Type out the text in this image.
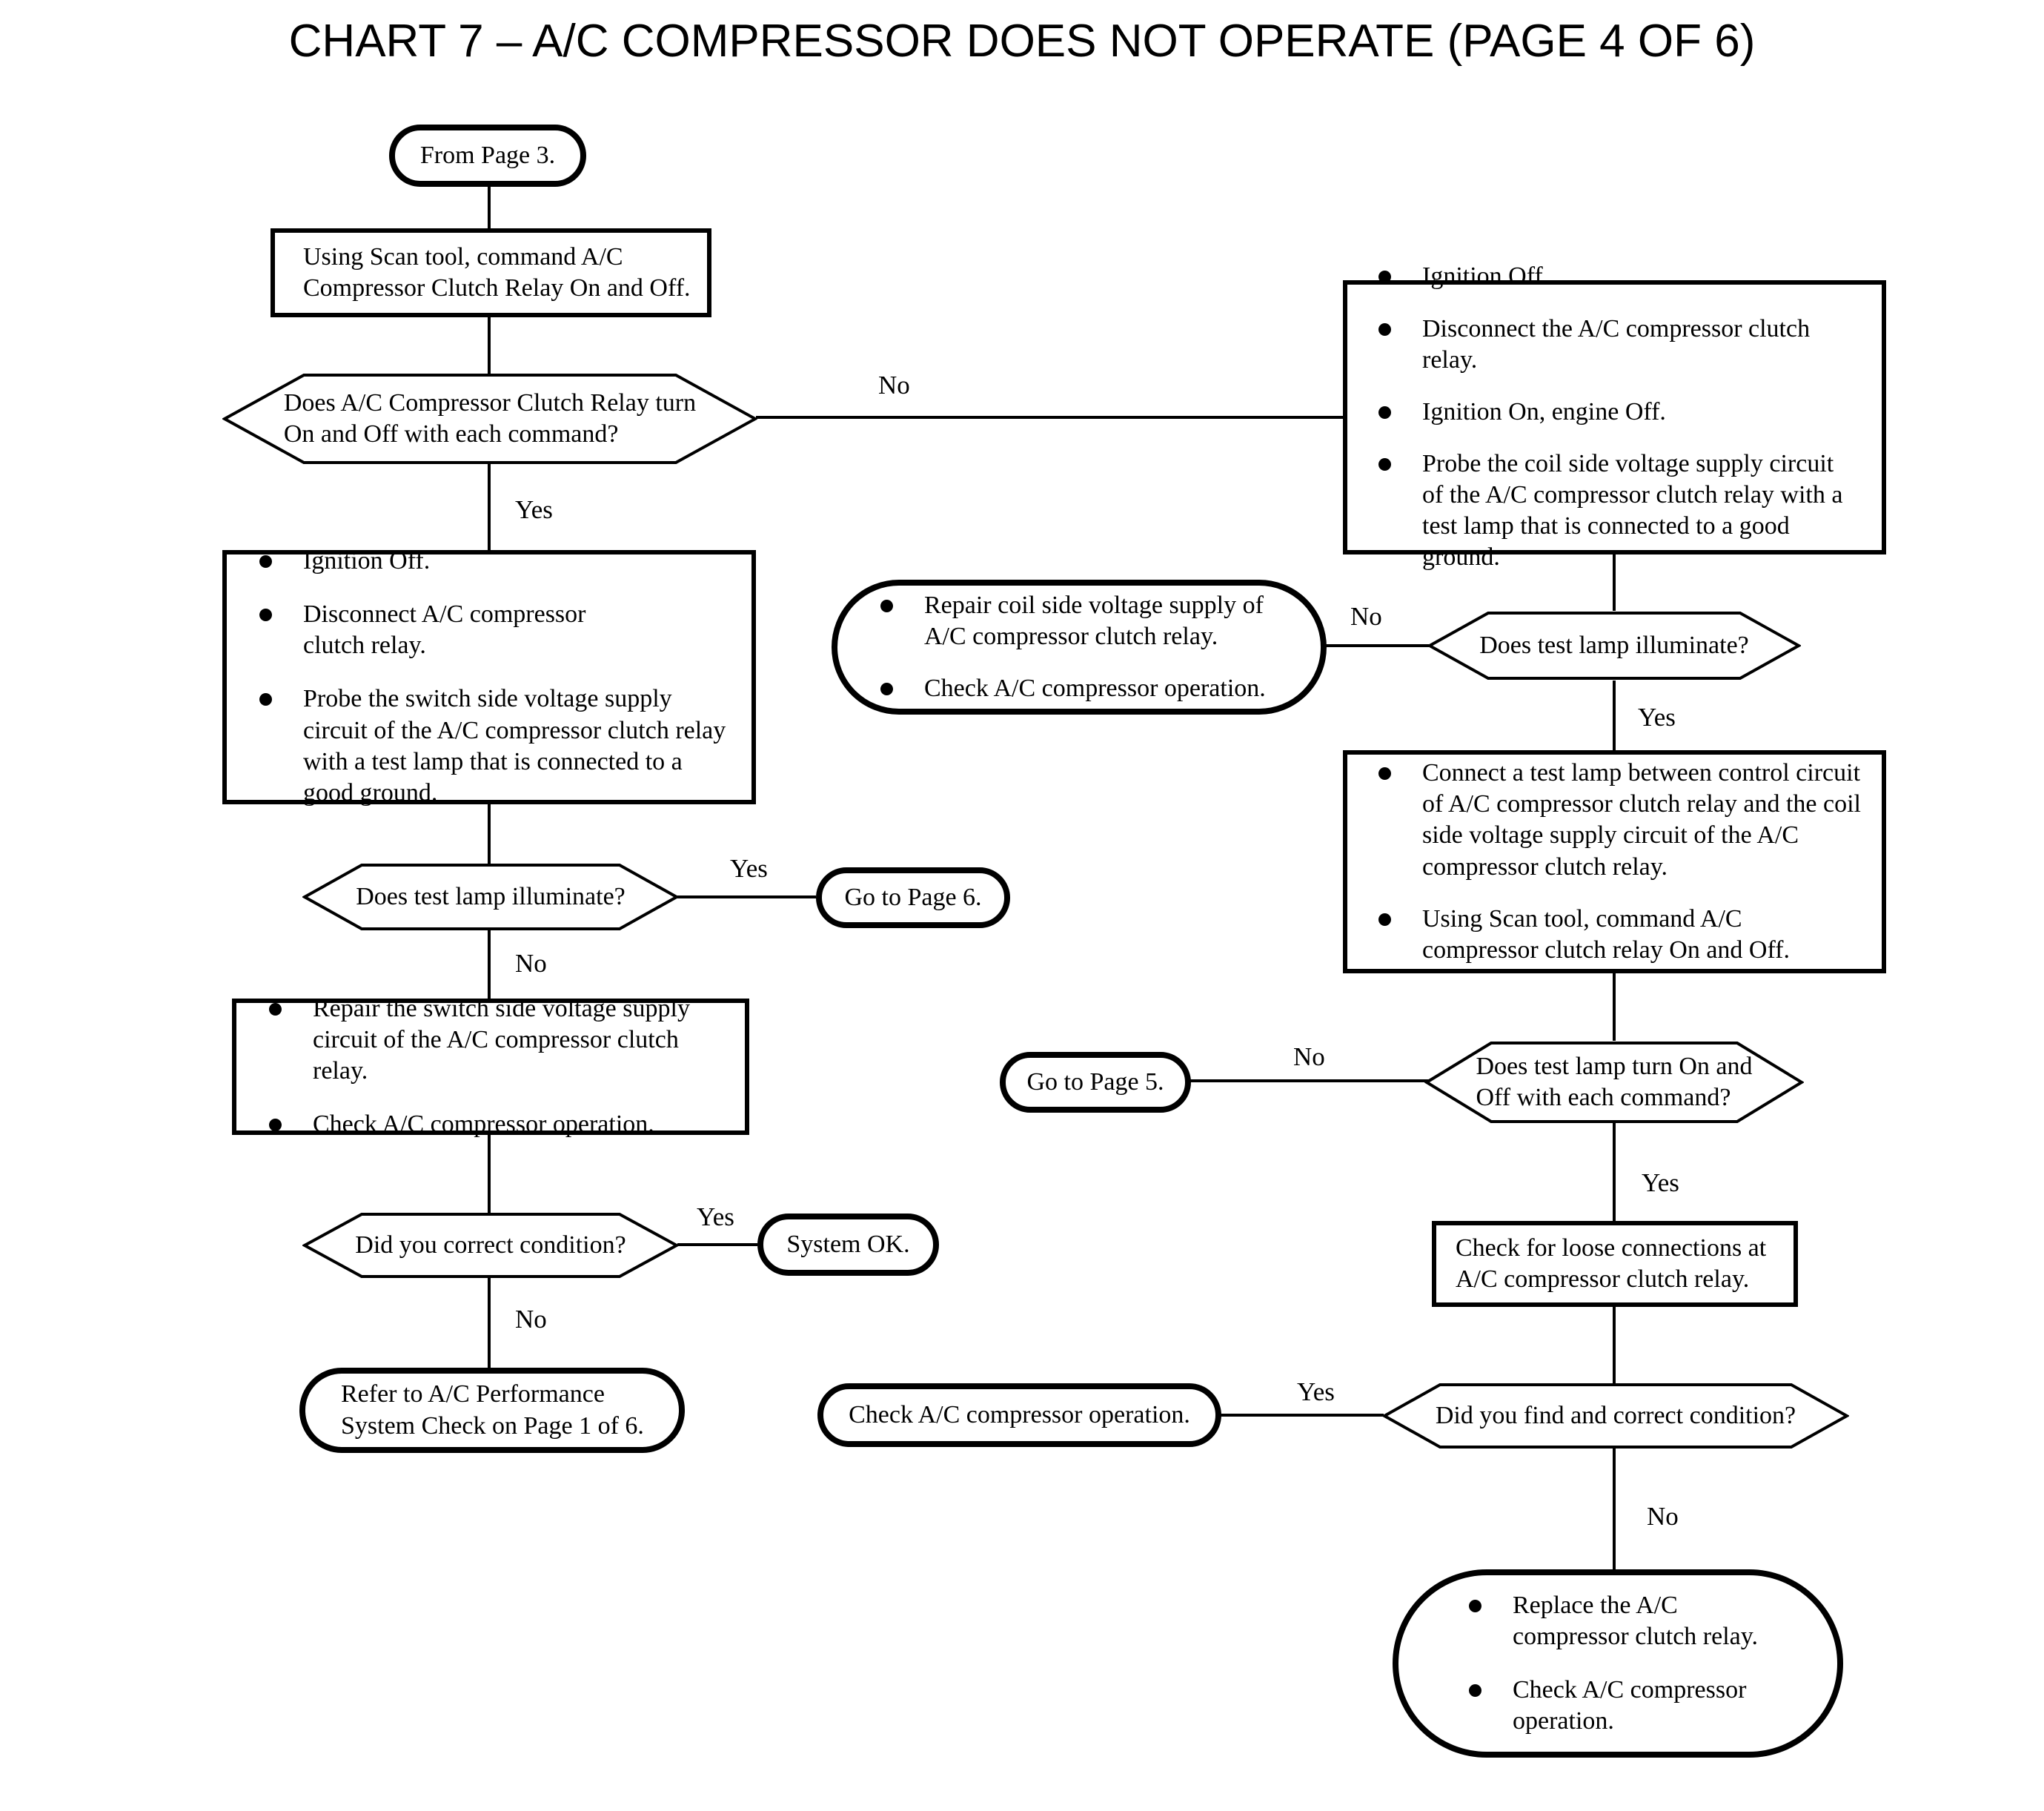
CHART 7 – A/C COMPRESSOR DOES NOT OPERATE (PAGE 4 OF 6)
Yes
No
Yes
No
Yes
No
No
Yes
No
Yes
Yes
No
From Page 3.
Using Scan tool, command A/C
Compressor Clutch Relay On and Off.
Does A/C Compressor Clutch Relay turn
On and Off with each command?
Ignition Off.
Disconnect A/C compressor clutch relay.
Probe the switch side voltage supply circuit of the A/C compressor clutch relay with a test lamp that is connected to a good ground.
Does test lamp illuminate?	Go to Page 6.
Repair the switch side voltage supply circuit of the A/C compressor clutch relay.
Check A/C compressor operation.
Did you correct condition?	System OK.
Refer to A/C Performance
System Check on Page 1 of 6.
Ignition Off.
Disconnect the A/C compressor clutch relay.
Ignition On, engine Off.
Probe the coil side voltage supply circuit of the A/C compressor clutch relay with a test lamp that is connected to a good ground.
Repair coil side voltage supply of A/C compressor clutch relay.
Check A/C compressor operation.
Does test lamp illuminate?
Connect a test lamp between control circuit of A/C compressor clutch relay and the coil side voltage supply circuit of the A/C compressor clutch relay.
Using Scan tool, command A/C compressor clutch relay On and Off.
Go to Page 5.
Does test lamp turn On and
Off with each command?
Check for loose connections at
A/C compressor clutch relay.
Check A/C compressor operation.	Did you find and correct condition?
Replace the A/C compressor clutch relay.
Check A/C compressor operation.
